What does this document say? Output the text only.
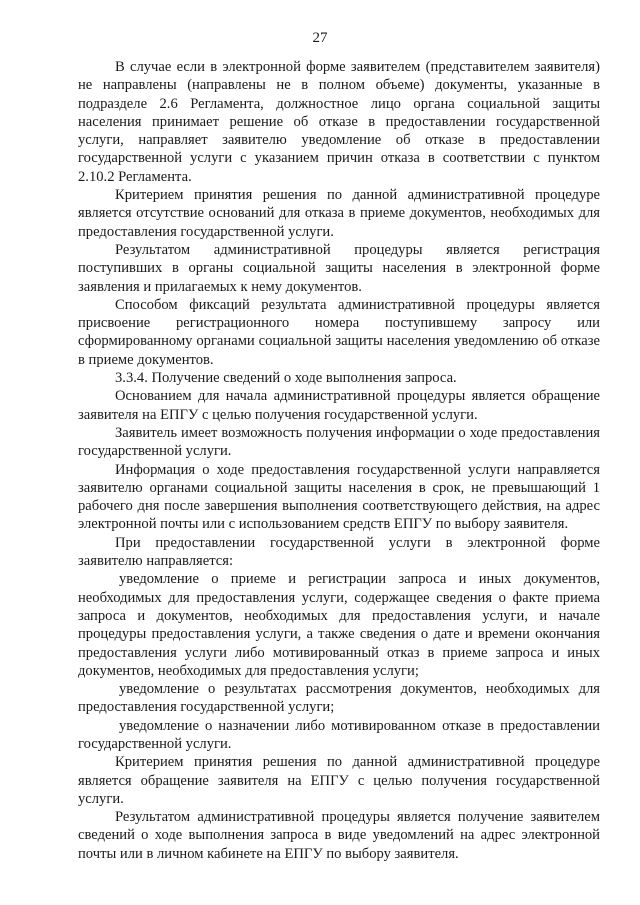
27

В случае если в электронной форме заявителем (представителем заявителя) не направлены (направлены не в полном объеме) документы, указанные в подразделе 2.6 Регламента, должностное лицо органа социальной защиты населения принимает решение об отказе в предоставлении государственной услуги, направляет заявителю уведомление об отказе в предоставлении государственной услуги с указанием причин отказа в соответствии с пунктом 2.10.2 Регламента.

Критерием принятия решения по данной административной процедуре является отсутствие оснований для отказа в приеме документов, необходимых для предоставления государственной услуги.

Результатом административной процедуры является регистрация поступивших в органы социальной защиты населения в электронной форме заявления и прилагаемых к нему документов.

Способом фиксаций результата административной процедуры является присвоение регистрационного номера поступившему запросу или сформированному органами социальной защиты населения уведомлению об отказе в приеме документов.

3.3.4. Получение сведений о ходе выполнения запроса.

Основанием для начала административной процедуры является обращение заявителя на ЕПГУ с целью получения государственной услуги.

Заявитель имеет возможность получения информации о ходе предоставления государственной услуги.

Информация о ходе предоставления государственной услуги направляется заявителю органами социальной защиты населения в срок, не превышающий 1 рабочего дня после завершения выполнения соответствующего действия, на адрес электронной почты или с использованием средств ЕПГУ по выбору заявителя.

При предоставлении государственной услуги в электронной форме заявителю направляется:

уведомление о приеме и регистрации запроса и иных документов, необходимых для предоставления услуги, содержащее сведения о факте приема запроса и документов, необходимых для предоставления услуги, и начале процедуры предоставления услуги, а также сведения о дате и времени окончания предоставления услуги либо мотивированный отказ в приеме запроса и иных документов, необходимых для предоставления услуги;

уведомление о результатах рассмотрения документов, необходимых для предоставления государственной услуги;

уведомление о назначении либо мотивированном отказе в предоставлении государственной услуги.

Критерием принятия решения по данной административной процедуре является обращение заявителя на ЕПГУ с целью получения государственной услуги.

Результатом административной процедуры является получение заявителем сведений о ходе выполнения запроса в виде уведомлений на адрес электронной почты или в личном кабинете на ЕПГУ по выбору заявителя.
